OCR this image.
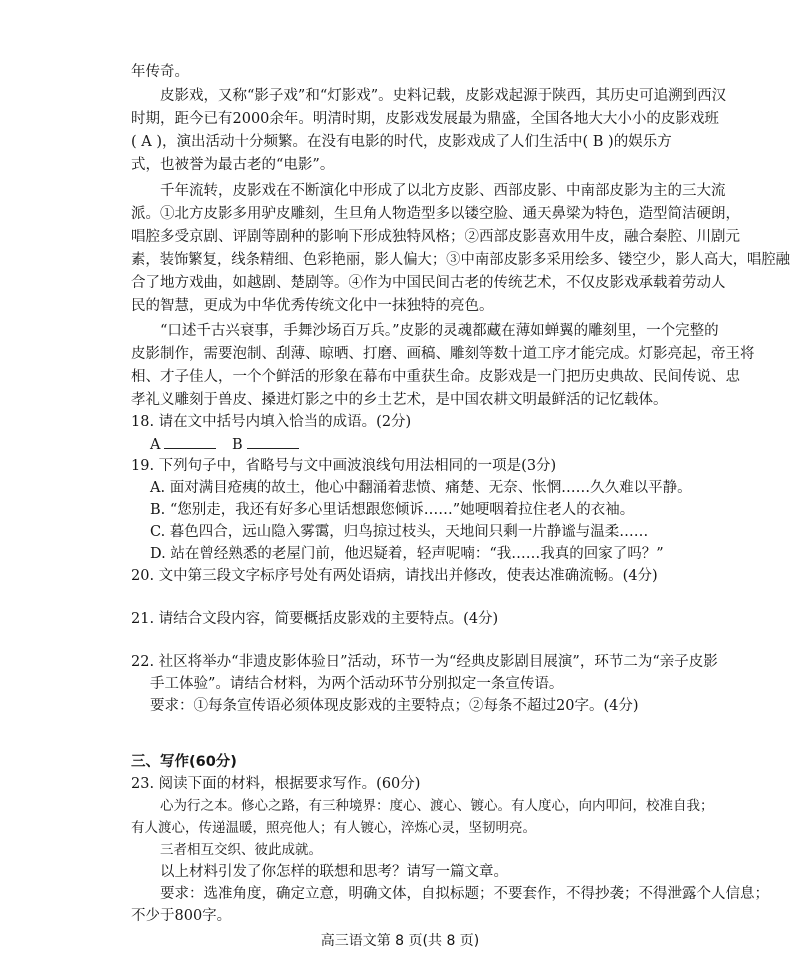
年传奇。
皮影戏，又称“影子戏”和“灯影戏”。史料记载，皮影戏起源于陕西，其历史可追溯到西汉
时期，距今已有2000余年。明清时期，皮影戏发展最为鼎盛，全国各地大大小小的皮影戏班
( A )，演出活动十分频繁。在没有电影的时代，皮影戏成了人们生活中( B )的娱乐方
式，也被誉为最古老的“电影”。
千年流转，皮影戏在不断演化中形成了以北方皮影、西部皮影、中南部皮影为主的三大流
派。①北方皮影多用驴皮雕刻，生旦角人物造型多以镂空脸、通天鼻梁为特色，造型简洁硬朗，
唱腔多受京剧、评剧等剧种的影响下形成独特风格；②西部皮影喜欢用牛皮，融合秦腔、川剧元
素，装饰繁复，线条精细、色彩艳丽，影人偏大；③中南部皮影多采用绘多、镂空少，影人高大，唱腔融
合了地方戏曲，如越剧、楚剧等。④作为中国民间古老的传统艺术，不仅皮影戏承载着劳动人
民的智慧，更成为中华优秀传统文化中一抹独特的亮色。
“口述千古兴衰事，手舞沙场百万兵。”皮影的灵魂都藏在薄如蝉翼的雕刻里，一个完整的
皮影制作，需要泡制、刮薄、晾晒、打磨、画稿、雕刻等数十道工序才能完成。灯影亮起，帝王将
相、才子佳人，一个个鲜活的形象在幕布中重获生命。皮影戏是一门把历史典故、民间传说、忠
孝礼义雕刻于兽皮、搡进灯影之中的乡土艺术，是中国农耕文明最鲜活的记忆载体。
18. 请在文中括号内填入恰当的成语。(2分)
A	B
19. 下列句子中，省略号与文中画波浪线句用法相同的一项是(3分)
A. 面对满目疮痍的故土，他心中翻涌着悲愤、痛楚、无奈、怅惘……久久难以平静。
B. “您别走，我还有好多心里话想跟您倾诉……”她哽咽着拉住老人的衣袖。
C. 暮色四合，远山隐入雾霭，归鸟掠过枝头，天地间只剩一片静谧与温柔……
D. 站在曾经熟悉的老屋门前，他迟疑着，轻声呢喃：“我……我真的回家了吗？”
20. 文中第三段文字标序号处有两处语病，请找出并修改，使表达准确流畅。(4分)
21. 请结合文段内容，简要概括皮影戏的主要特点。(4分)
22. 社区将举办“非遗皮影体验日”活动，环节一为“经典皮影剧目展演”，环节二为“亲子皮影
手工体验”。请结合材料，为两个活动环节分别拟定一条宣传语。
要求：①每条宣传语必须体现皮影戏的主要特点；②每条不超过20字。(4分)
三、写作(60分)
23. 阅读下面的材料，根据要求写作。(60分)
心为行之本。修心之路，有三种境界：度心、渡心、镀心。有人度心，向内叩问，校准自我；
有人渡心，传递温暖，照亮他人；有人镀心，淬炼心灵，坚韧明亮。
三者相互交织、彼此成就。
以上材料引发了你怎样的联想和思考？请写一篇文章。
要求：选准角度，确定立意，明确文体，自拟标题；不要套作，不得抄袭；不得泄露个人信息；
不少于800字。
高三语文第 8 页(共 8 页)
